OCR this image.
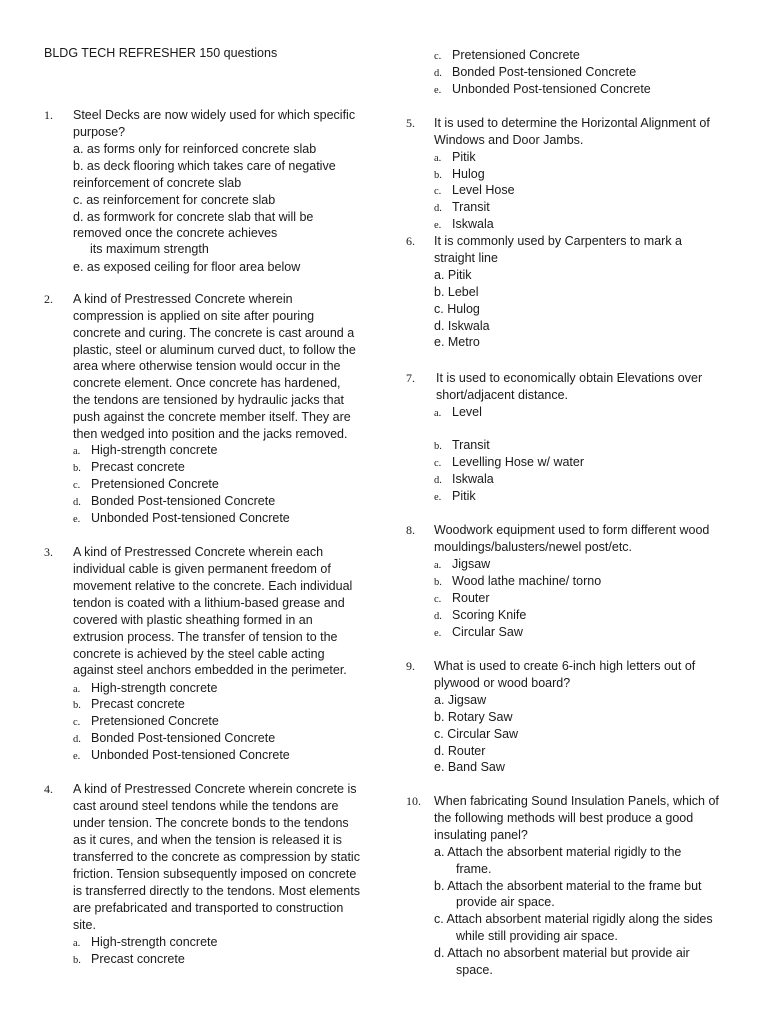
BLDG TECH REFRESHER 150 questions
1. Steel Decks are now widely used for which specific
purpose?
a. as forms only for reinforced concrete slab
b. as deck flooring which takes care of negative
reinforcement of concrete slab
c. as reinforcement for concrete slab
d. as formwork for concrete slab that will be
removed once the concrete achieves
its maximum strength
e. as exposed ceiling for floor area below
2. A kind of Prestressed Concrete wherein
compression is applied on site after pouring
concrete and curing. The concrete is cast around a
plastic, steel or aluminum curved duct, to follow the
area where otherwise tension would occur in the
concrete element. Once concrete has hardened,
the tendons are tensioned by hydraulic jacks that
push against the concrete member itself. They are
then wedged into position and the jacks removed.
a. High-strength concrete
b. Precast concrete
c. Pretensioned Concrete
d. Bonded Post-tensioned Concrete
e. Unbonded Post-tensioned Concrete
3. A kind of Prestressed Concrete wherein each
individual cable is given permanent freedom of
movement relative to the concrete. Each individual
tendon is coated with a lithium-based grease and
covered with plastic sheathing formed in an
extrusion process. The transfer of tension to the
concrete is achieved by the steel cable acting
against steel anchors embedded in the perimeter.
a. High-strength concrete
b. Precast concrete
c. Pretensioned Concrete
d. Bonded Post-tensioned Concrete
e. Unbonded Post-tensioned Concrete
4. A kind of Prestressed Concrete wherein concrete is
cast around steel tendons while the tendons are
under tension. The concrete bonds to the tendons
as it cures, and when the tension is released it is
transferred to the concrete as compression by static
friction. Tension subsequently imposed on concrete
is transferred directly to the tendons. Most elements
are prefabricated and transported to construction
site.
a. High-strength concrete
b. Precast concrete
c. Pretensioned Concrete
d. Bonded Post-tensioned Concrete
e. Unbonded Post-tensioned Concrete
5. It is used to determine the Horizontal Alignment of
Windows and Door Jambs.
a. Pitik
b. Hulog
c. Level Hose
d. Transit
e. Iskwala
6. It is commonly used by Carpenters to mark a
straight line
a. Pitik
b. Lebel
c. Hulog
d. Iskwala
e. Metro
7. It is used to economically obtain Elevations over
short/adjacent distance.
a. Level
b. Transit
c. Levelling Hose w/ water
d. Iskwala
e. Pitik
8. Woodwork equipment used to form different wood
mouldings/balusters/newel post/etc.
a. Jigsaw
b. Wood lathe machine/ torno
c. Router
d. Scoring Knife
e. Circular Saw
9. What is used to create 6-inch high letters out of
plywood or wood board?
a. Jigsaw
b. Rotary Saw
c. Circular Saw
d. Router
e. Band Saw
10. When fabricating Sound Insulation Panels, which of
the following methods will best produce a good
insulating panel?
a. Attach the absorbent material rigidly to the
frame.
b. Attach the absorbent material to the frame but
provide air space.
c. Attach absorbent material rigidly along the sides
while still providing air space.
d. Attach no absorbent material but provide air
space.
